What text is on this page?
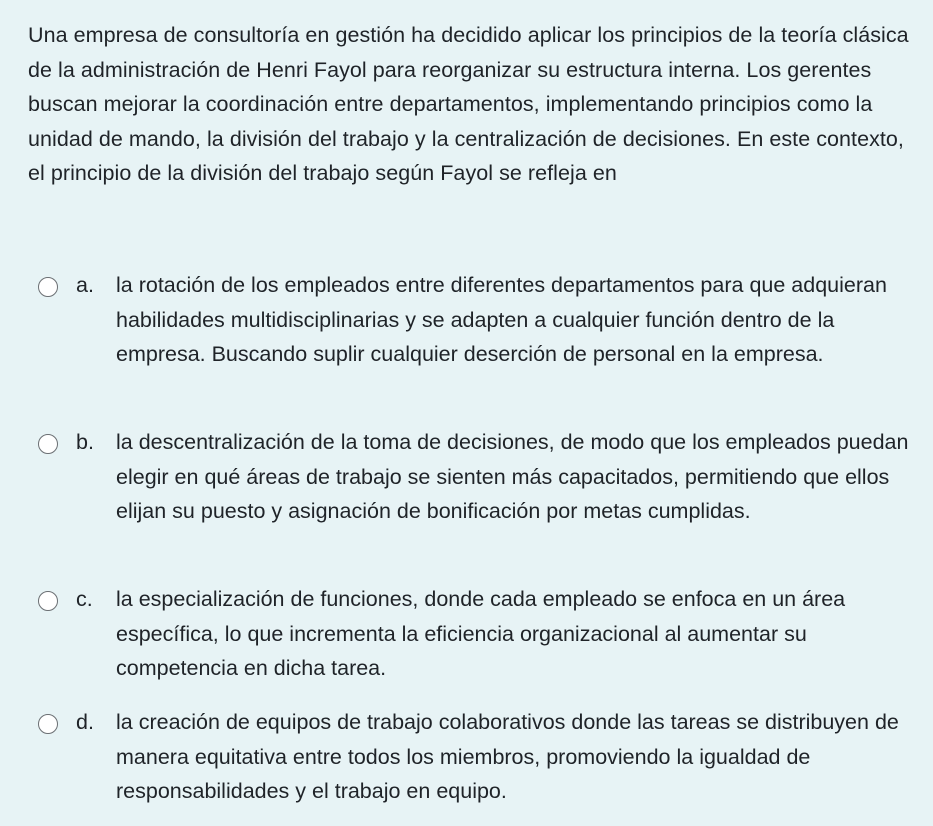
Una empresa de consultoría en gestión ha decidido aplicar los principios de la teoría clásica de la administración de Henri Fayol para reorganizar su estructura interna. Los gerentes buscan mejorar la coordinación entre departamentos, implementando principios como la unidad de mando, la división del trabajo y la centralización de decisiones. En este contexto, el principio de la división del trabajo según Fayol se refleja en
a. la rotación de los empleados entre diferentes departamentos para que adquieran habilidades multidisciplinarias y se adapten a cualquier función dentro de la empresa. Buscando suplir cualquier deserción de personal en la empresa.
b. la descentralización de la toma de decisiones, de modo que los empleados puedan elegir en qué áreas de trabajo se sienten más capacitados, permitiendo que ellos elijan su puesto y asignación de bonificación por metas cumplidas.
c. la especialización de funciones, donde cada empleado se enfoca en un área específica, lo que incrementa la eficiencia organizacional al aumentar su competencia en dicha tarea.
d. la creación de equipos de trabajo colaborativos donde las tareas se distribuyen de manera equitativa entre todos los miembros, promoviendo la igualdad de responsabilidades y el trabajo en equipo.
